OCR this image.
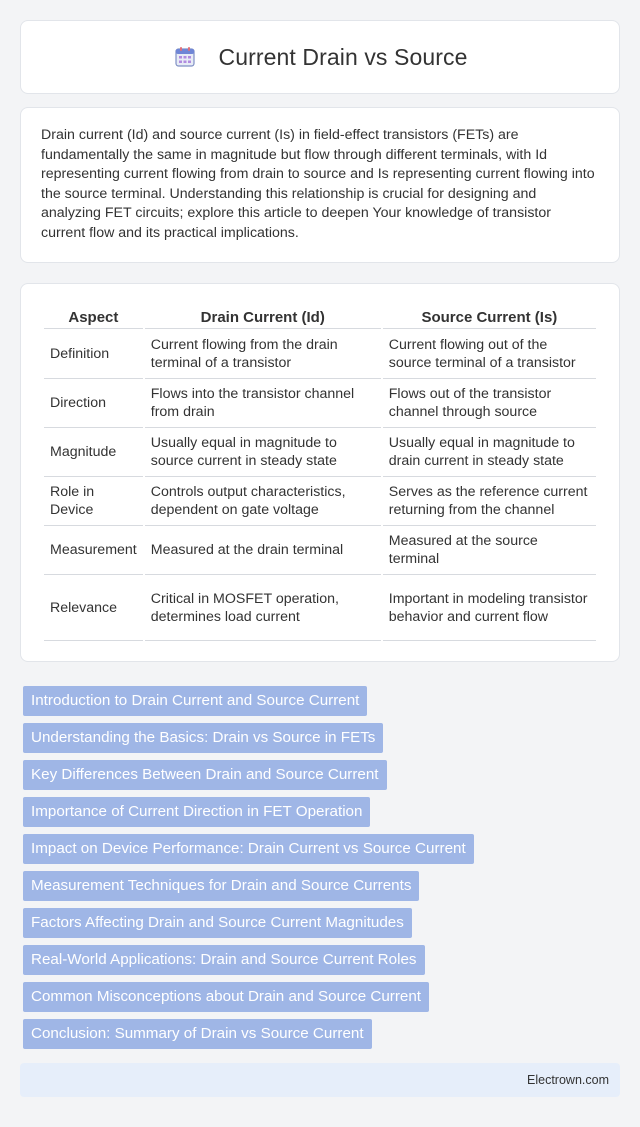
Current Drain vs Source

Drain current (Id) and source current (Is) in field-effect transistors (FETs) are fundamentally the same in magnitude but flow through different terminals, with Id representing current flowing from drain to source and Is representing current flowing into the source terminal. Understanding this relationship is crucial for designing and analyzing FET circuits; explore this article to deepen Your knowledge of transistor current flow and its practical implications.

Aspect	Drain Current (Id)	Source Current (Is)
Definition	Current flowing from the drain terminal of a transistor	Current flowing out of the source terminal of a transistor
Direction	Flows into the transistor channel from drain	Flows out of the transistor channel through source
Magnitude	Usually equal in magnitude to source current in steady state	Usually equal in magnitude to drain current in steady state
Role in Device	Controls output characteristics, dependent on gate voltage	Serves as the reference current returning from the channel
Measurement	Measured at the drain terminal	Measured at the source terminal
Relevance	Critical in MOSFET operation, determines load current	Important in modeling transistor behavior and current flow
Introduction to Drain Current and Source Current
Understanding the Basics: Drain vs Source in FETs
Key Differences Between Drain and Source Current
Importance of Current Direction in FET Operation
Impact on Device Performance: Drain Current vs Source Current
Measurement Techniques for Drain and Source Currents
Factors Affecting Drain and Source Current Magnitudes
Real-World Applications: Drain and Source Current Roles
Common Misconceptions about Drain and Source Current
Conclusion: Summary of Drain vs Source Current
Electrown.com
